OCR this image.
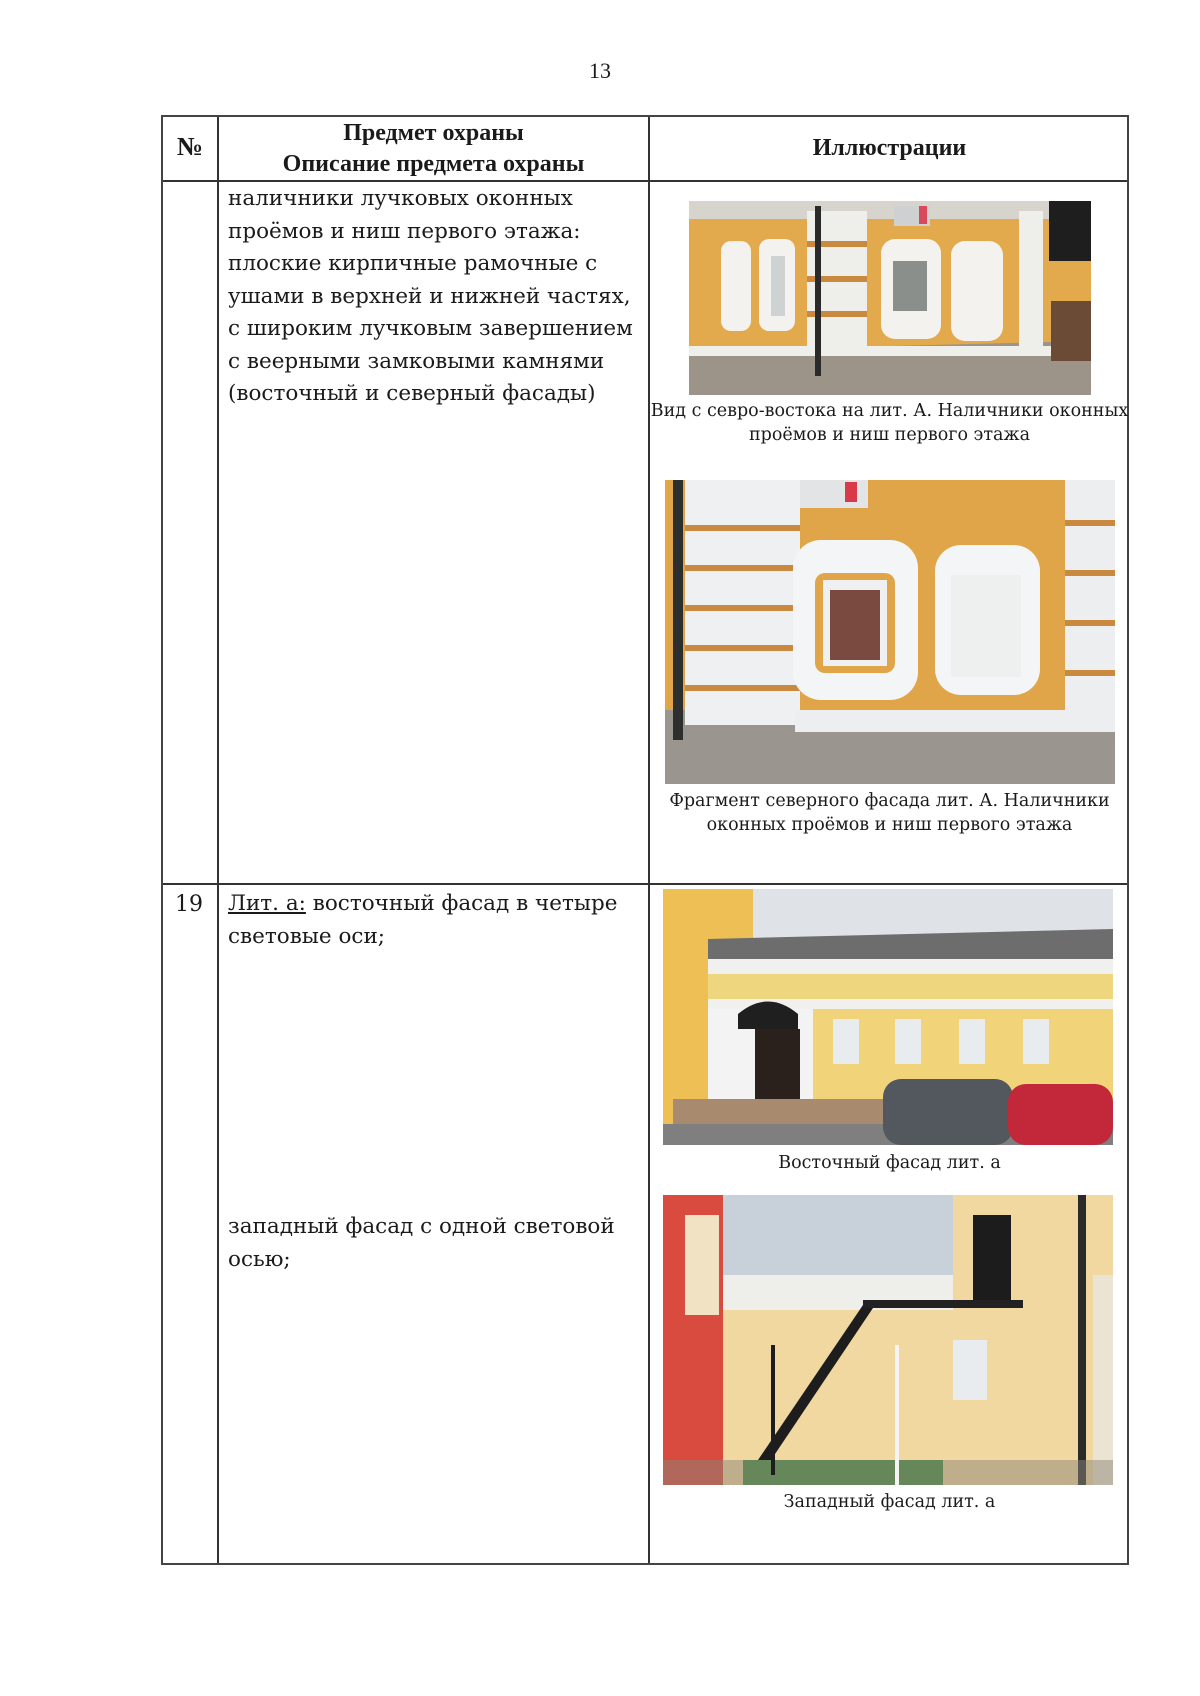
13
№	Предмет охраны
Описание предмета охраны
Иллюстрации
наличники лучковых оконных проёмов и ниш первого этажа: плоские кирпичные рамочные с ушами в верхней и нижней частях, с широким лучковым завершением с веерными замковыми камнями (восточный и северный фасады)
Вид с севро-востока на лит. А. Наличники оконных проёмов и ниш первого этажа
Фрагмент северного фасада лит. А. Наличники оконных проёмов и ниш первого этажа
19 Лит. а: восточный фасад в четыре световые оси;
западный фасад с одной световой осью;
Восточный фасад лит. а
Западный фасад лит. а
